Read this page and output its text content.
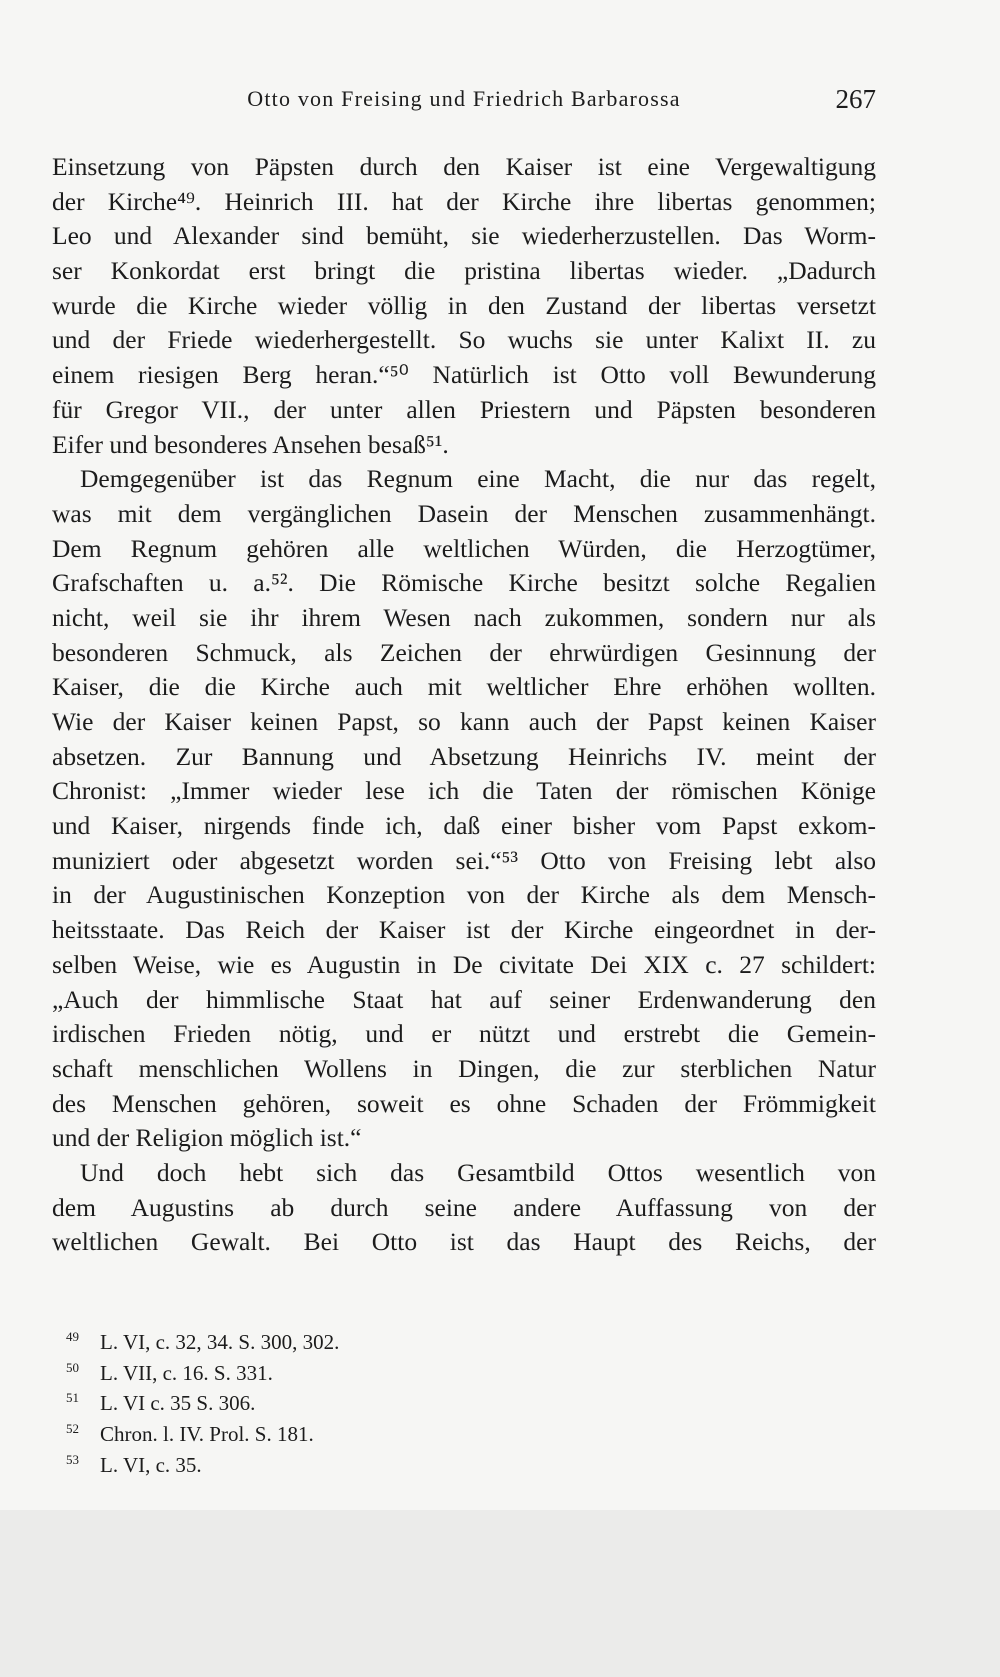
Otto von Freising und Friedrich Barbarossa	267
Einsetzung von Päpsten durch den Kaiser ist eine Vergewaltigung
der Kirche⁴⁹. Heinrich III. hat der Kirche ihre libertas genommen;
Leo und Alexander sind bemüht, sie wiederherzustellen. Das Worm-
ser Konkordat erst bringt die pristina libertas wieder. „Dadurch
wurde die Kirche wieder völlig in den Zustand der libertas versetzt
und der Friede wiederhergestellt. So wuchs sie unter Kalixt II. zu
einem riesigen Berg heran.“⁵⁰ Natürlich ist Otto voll Bewunderung
für Gregor VII., der unter allen Priestern und Päpsten besonderen
Eifer und besonderes Ansehen besaß⁵¹.
Demgegenüber ist das Regnum eine Macht, die nur das regelt,
was mit dem vergänglichen Dasein der Menschen zusammenhängt.
Dem Regnum gehören alle weltlichen Würden, die Herzogtümer,
Grafschaften u. a.⁵². Die Römische Kirche besitzt solche Regalien
nicht, weil sie ihr ihrem Wesen nach zukommen, sondern nur als
besonderen Schmuck, als Zeichen der ehrwürdigen Gesinnung der
Kaiser, die die Kirche auch mit weltlicher Ehre erhöhen wollten.
Wie der Kaiser keinen Papst, so kann auch der Papst keinen Kaiser
absetzen. Zur Bannung und Absetzung Heinrichs IV. meint der
Chronist: „Immer wieder lese ich die Taten der römischen Könige
und Kaiser, nirgends finde ich, daß einer bisher vom Papst exkom-
muniziert oder abgesetzt worden sei.“⁵³ Otto von Freising lebt also
in der Augustinischen Konzeption von der Kirche als dem Mensch-
heitsstaate. Das Reich der Kaiser ist der Kirche eingeordnet in der-
selben Weise, wie es Augustin in De civitate Dei XIX c. 27 schildert:
„Auch der himmlische Staat hat auf seiner Erdenwanderung den
irdischen Frieden nötig, und er nützt und erstrebt die Gemein-
schaft menschlichen Wollens in Dingen, die zur sterblichen Natur
des Menschen gehören, soweit es ohne Schaden der Frömmigkeit
und der Religion möglich ist.“
Und doch hebt sich das Gesamtbild Ottos wesentlich von
dem Augustins ab durch seine andere Auffassung von der
weltlichen Gewalt. Bei Otto ist das Haupt des Reichs, der
49 L. VI, c. 32, 34. S. 300, 302.
50 L. VII, c. 16. S. 331.
51 L. VI c. 35 S. 306.
52 Chron. l. IV. Prol. S. 181.
53 L. VI, c. 35.
